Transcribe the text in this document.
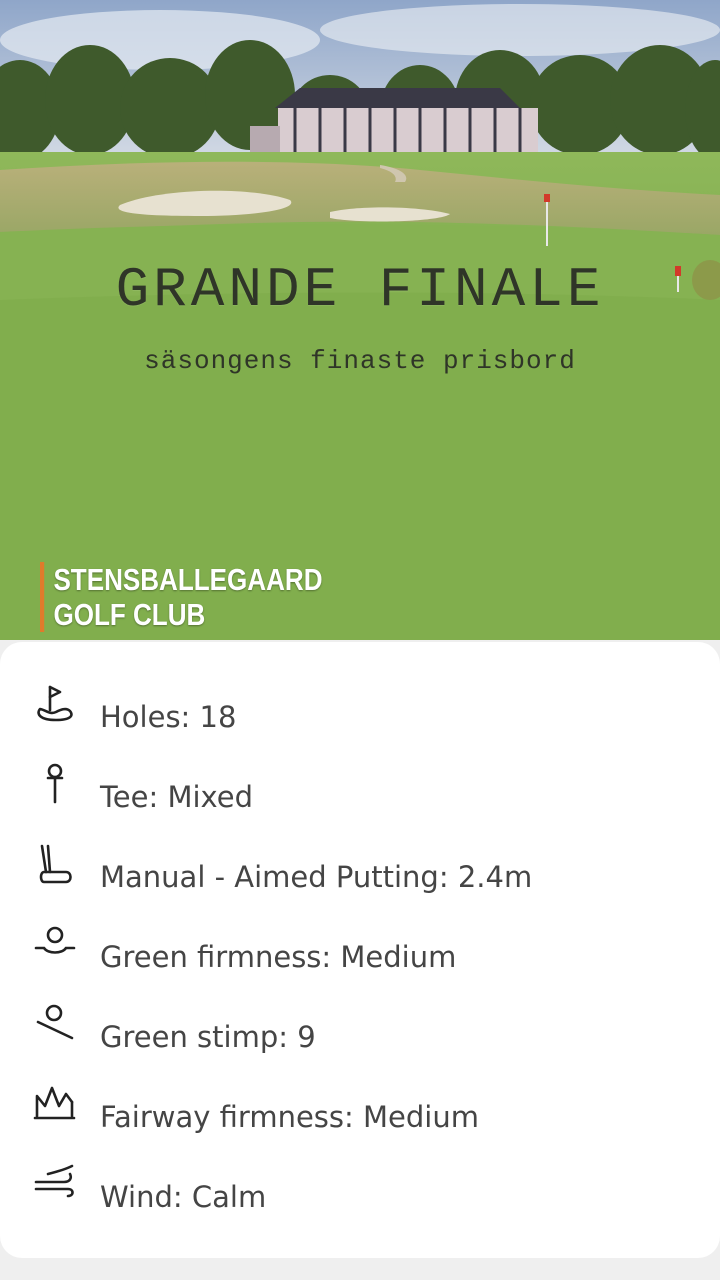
GRANDE FINALE
säsongens finaste prisbord
STENSBALLEGAARD
GOLF CLUB
Holes: 18
Tee: Mixed
Manual - Aimed Putting: 2.4m
Green firmness: Medium
Green stimp: 9
Fairway firmness: Medium
Wind: Calm
